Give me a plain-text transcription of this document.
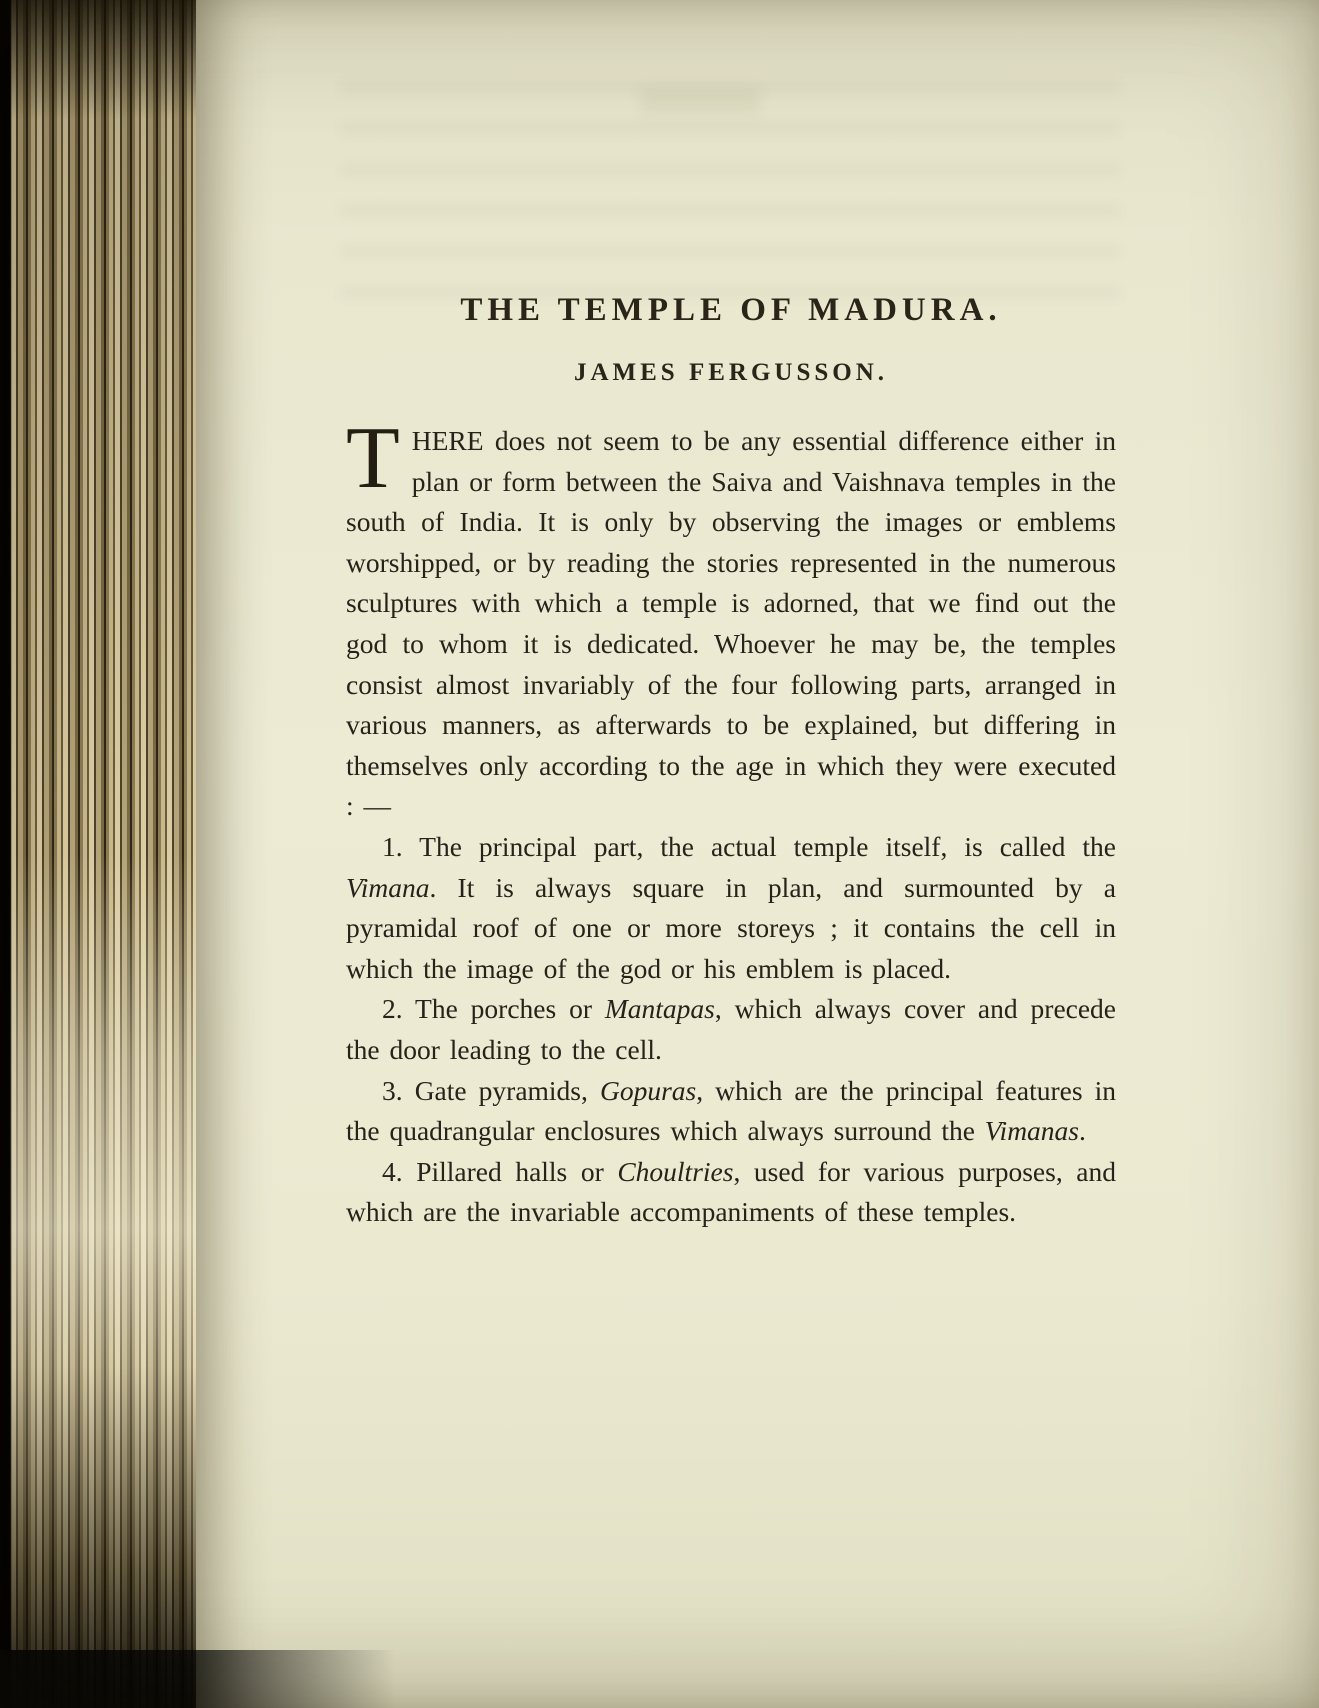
THE TEMPLE OF MADURA.
JAMES FERGUSSON.

THERE does not seem to be any essential difference either in plan or form between the Saiva and Vaishnava temples in the south of India. It is only by observing the images or emblems worshipped, or by reading the stories represented in the numerous sculptures with which a temple is adorned, that we find out the god to whom it is dedicated. Whoever he may be, the temples consist almost invariably of the four following parts, arranged in various manners, as afterwards to be explained, but differing in themselves only according to the age in which they were executed : —

1. The principal part, the actual temple itself, is called the Vimana. It is always square in plan, and surmounted by a pyramidal roof of one or more storeys ; it contains the cell in which the image of the god or his emblem is placed.

2. The porches or Mantapas, which always cover and precede the door leading to the cell.

3. Gate pyramids, Gopuras, which are the principal features in the quadrangular enclosures which always surround the Vimanas.

4. Pillared halls or Choultries, used for various purposes, and which are the invariable accompaniments of these temples.
